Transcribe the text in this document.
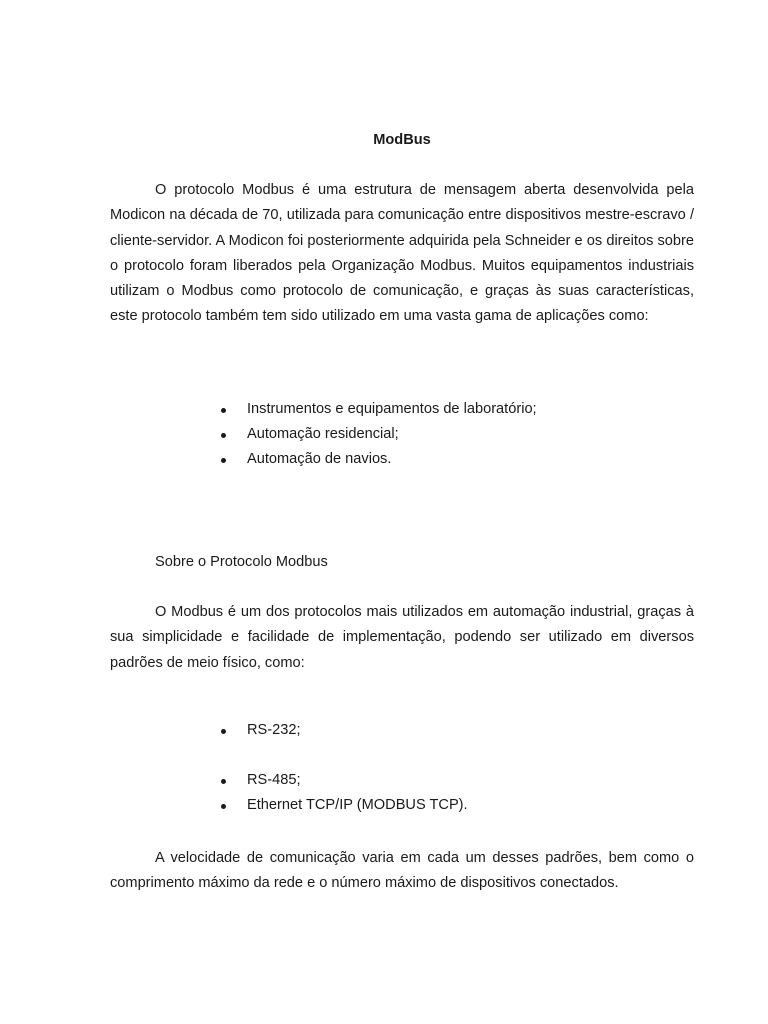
ModBus

O protocolo Modbus é uma estrutura de mensagem aberta desenvolvida pela Modicon na década de 70, utilizada para comunicação entre dispositivos mestre-escravo / cliente-servidor. A Modicon foi posteriormente adquirida pela Schneider e os direitos sobre o protocolo foram liberados pela Organização Modbus. Muitos equipamentos industriais utilizam o Modbus como protocolo de comunicação, e graças às suas características, este protocolo também tem sido utilizado em uma vasta gama de aplicações como:

Instrumentos e equipamentos de laboratório;
Automação residencial;
Automação de navios.
Sobre o Protocolo Modbus

O Modbus é um dos protocolos mais utilizados em automação industrial, graças à sua simplicidade e facilidade de implementação, podendo ser utilizado em diversos padrões de meio físico, como:

RS-232;
RS-485;
Ethernet TCP/IP (MODBUS TCP).

A velocidade de comunicação varia em cada um desses padrões, bem como o comprimento máximo da rede e o número máximo de dispositivos conectados.
